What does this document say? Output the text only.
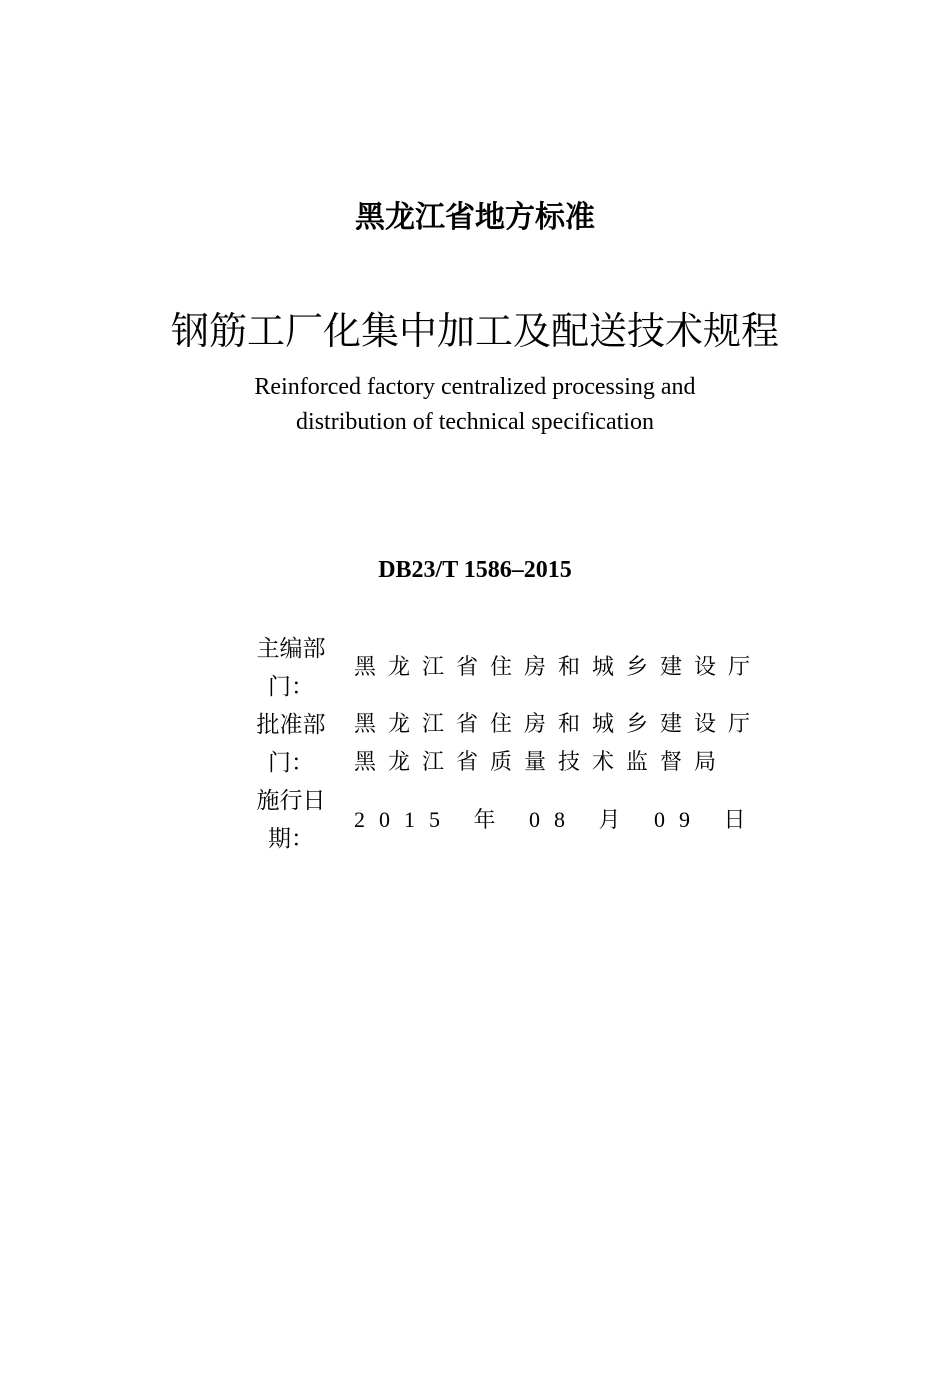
黑龙江省地方标准
钢筋工厂化集中加工及配送技术规程
Reinforced factory centralized processing and
distribution of technical specification
DB23/T 1586–2015
主编部
门：
黑龙江省住房和城乡建设厅
批准部
门：
黑龙江省住房和城乡建设厅
黑龙江省质量技术监督局
施行日
期：
2015 年 08 月 09 日
